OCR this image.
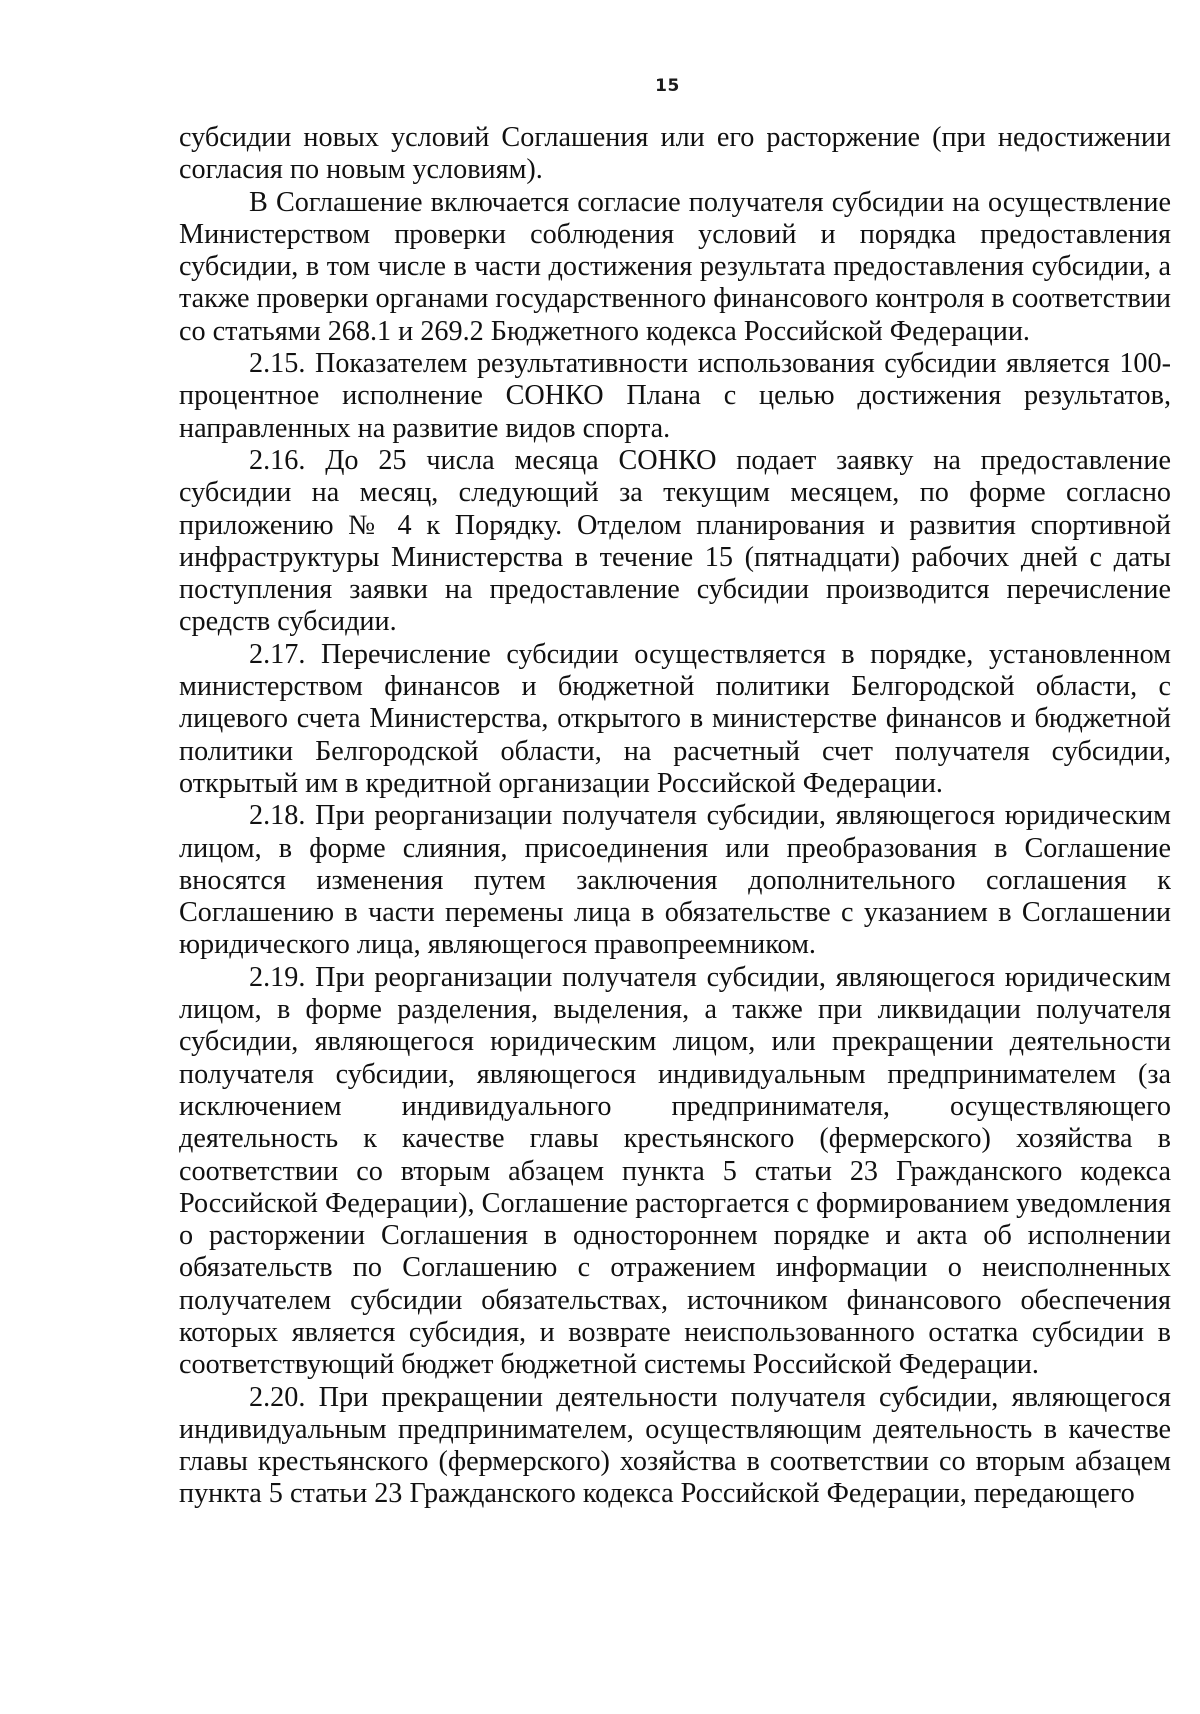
15

субсидии новых условий Соглашения или его расторжение (при недостижении согласия по новым условиям).

В Соглашение включается согласие получателя субсидии на осуществление Министерством проверки соблюдения условий и порядка предоставления субсидии, в том числе в части достижения результата предоставления субсидии, а также проверки органами государственного финансового контроля в соответствии со статьями 268.1 и 269.2 Бюджетного кодекса Российской Федерации.

2.15. Показателем результативности использования субсидии является 100-процентное исполнение СОНКО Плана с целью достижения результатов, направленных на развитие видов спорта.

2.16. До 25 числа месяца СОНКО подает заявку на предоставление субсидии на месяц, следующий за текущим месяцем, по форме согласно приложению № 4 к Порядку. Отделом планирования и развития спортивной инфраструктуры Министерства в течение 15 (пятнадцати) рабочих дней с даты поступления заявки на предоставление субсидии производится перечисление средств субсидии.

2.17. Перечисление субсидии осуществляется в порядке, установленном министерством финансов и бюджетной политики Белгородской области, с лицевого счета Министерства, открытого в министерстве финансов и бюджетной политики Белгородской области, на расчетный счет получателя субсидии, открытый им в кредитной организации Российской Федерации.

2.18. При реорганизации получателя субсидии, являющегося юридическим лицом, в форме слияния, присоединения или преобразования в Соглашение вносятся изменения путем заключения дополнительного соглашения к Соглашению в части перемены лица в обязательстве с указанием в Соглашении юридического лица, являющегося правопреемником.

2.19. При реорганизации получателя субсидии, являющегося юридическим лицом, в форме разделения, выделения, а также при ликвидации получателя субсидии, являющегося юридическим лицом, или прекращении деятельности получателя субсидии, являющегося индивидуальным предпринимателем (за исключением индивидуального предпринимателя, осуществляющего деятельность к качестве главы крестьянского (фермерского) хозяйства в соответствии со вторым абзацем пункта 5 статьи 23 Гражданского кодекса Российской Федерации), Соглашение расторгается с формированием уведомления о расторжении Соглашения в одностороннем порядке и акта об исполнении обязательств по Соглашению с отражением информации о неисполненных получателем субсидии обязательствах, источником финансового обеспечения которых является субсидия, и возврате неиспользованного остатка субсидии в соответствующий бюджет бюджетной системы Российской Федерации.

2.20. При прекращении деятельности получателя субсидии, являющегося индивидуальным предпринимателем, осуществляющим деятельность в качестве главы крестьянского (фермерского) хозяйства в соответствии со вторым абзацем пункта 5 статьи 23 Гражданского кодекса Российской Федерации, передающего
